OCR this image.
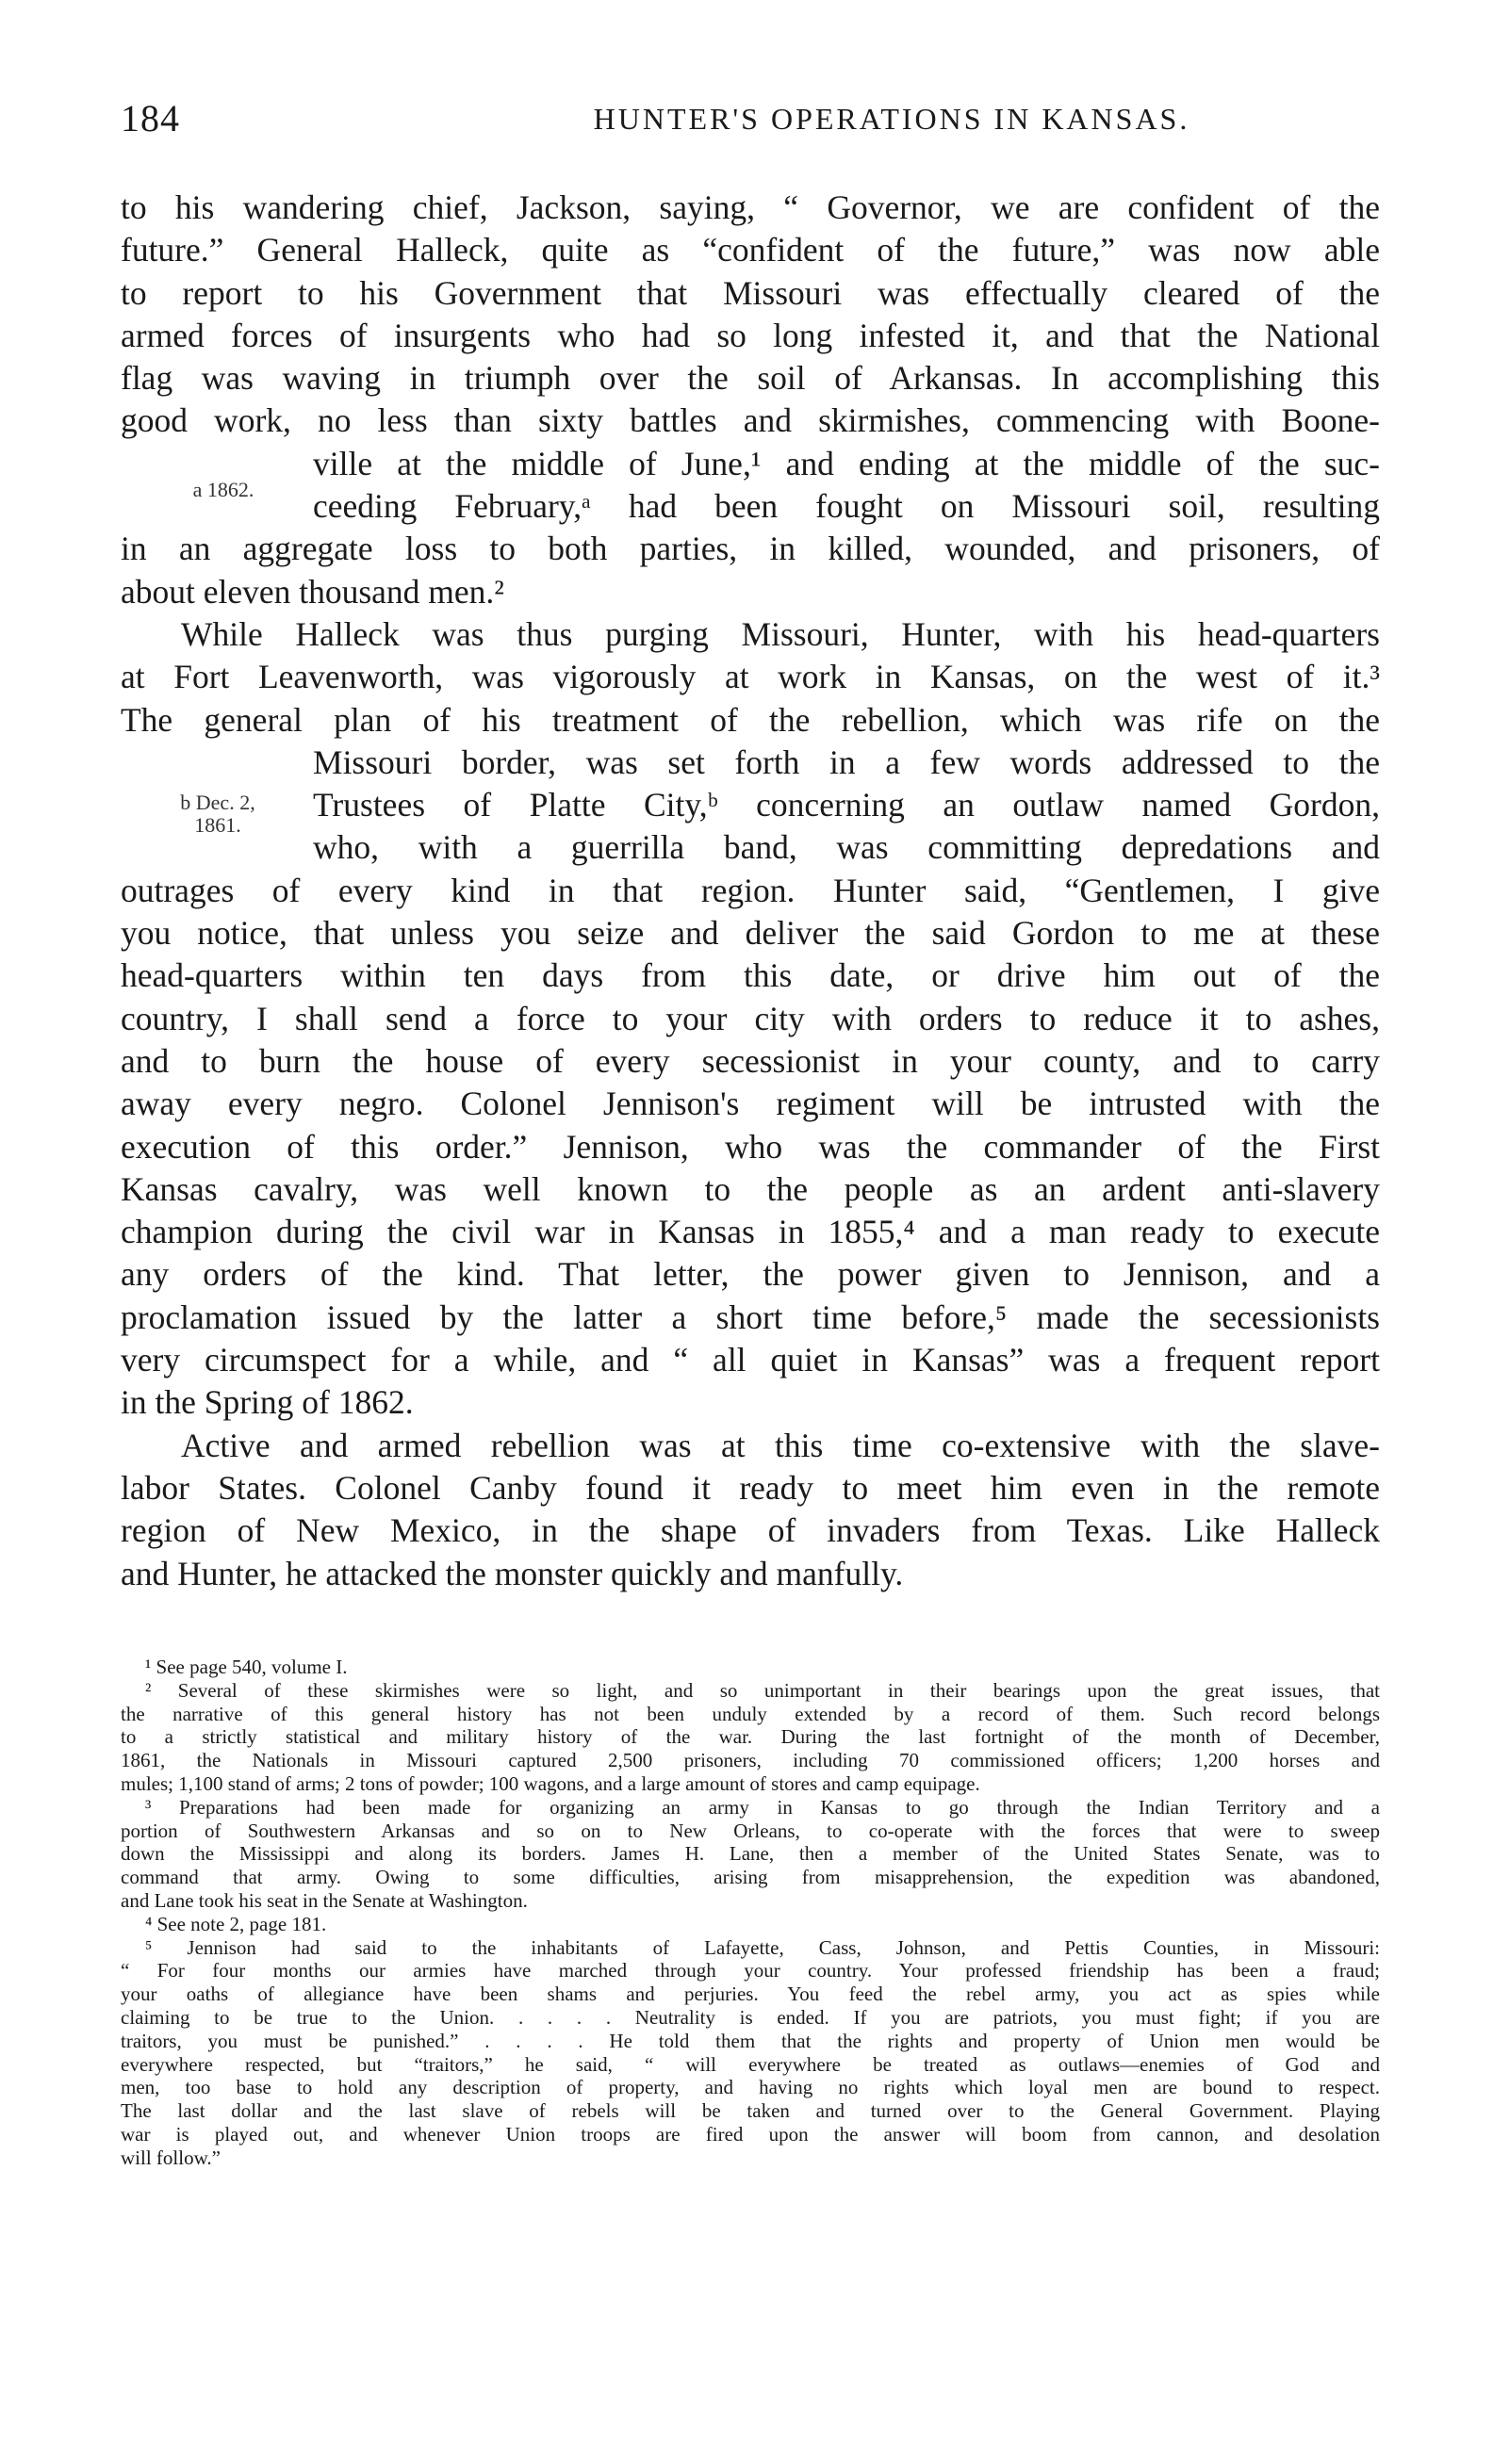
184	HUNTER'S OPERATIONS IN KANSAS.
a 1862.
b Dec. 2,
1861.
to his wandering chief, Jackson, saying, “ Governor, we are confident of the
future.” General Halleck, quite as “confident of the future,” was now able
to report to his Government that Missouri was effectually cleared of the
armed forces of insurgents who had so long infested it, and that the National
flag was waving in triumph over the soil of Arkansas. In accomplishing this
good work, no less than sixty battles and skirmishes, commencing with Boone-
ville at the middle of June,¹ and ending at the middle of the suc-
ceeding February,ᵃ had been fought on Missouri soil, resulting
in an aggregate loss to both parties, in killed, wounded, and prisoners, of
about eleven thousand men.²
While Halleck was thus purging Missouri, Hunter, with his head-quarters
at Fort Leavenworth, was vigorously at work in Kansas, on the west of it.³
The general plan of his treatment of the rebellion, which was rife on the
Missouri border, was set forth in a few words addressed to the
Trustees of Platte City,ᵇ concerning an outlaw named Gordon,
who, with a guerrilla band, was committing depredations and
outrages of every kind in that region. Hunter said, “Gentlemen, I give
you notice, that unless you seize and deliver the said Gordon to me at these
head-quarters within ten days from this date, or drive him out of the
country, I shall send a force to your city with orders to reduce it to ashes,
and to burn the house of every secessionist in your county, and to carry
away every negro. Colonel Jennison's regiment will be intrusted with the
execution of this order.” Jennison, who was the commander of the First
Kansas cavalry, was well known to the people as an ardent anti-slavery
champion during the civil war in Kansas in 1855,⁴ and a man ready to execute
any orders of the kind. That letter, the power given to Jennison, and a
proclamation issued by the latter a short time before,⁵ made the secessionists
very circumspect for a while, and “ all quiet in Kansas” was a frequent report
in the Spring of 1862.
Active and armed rebellion was at this time co-extensive with the slave-
labor States. Colonel Canby found it ready to meet him even in the remote
region of New Mexico, in the shape of invaders from Texas. Like Halleck
and Hunter, he attacked the monster quickly and manfully.
¹ See page 540, volume I.
² Several of these skirmishes were so light, and so unimportant in their bearings upon the great issues, that
the narrative of this general history has not been unduly extended by a record of them. Such record belongs
to a strictly statistical and military history of the war. During the last fortnight of the month of December,
1861, the Nationals in Missouri captured 2,500 prisoners, including 70 commissioned officers; 1,200 horses and
mules; 1,100 stand of arms; 2 tons of powder; 100 wagons, and a large amount of stores and camp equipage.
³ Preparations had been made for organizing an army in Kansas to go through the Indian Territory and a
portion of Southwestern Arkansas and so on to New Orleans, to co-operate with the forces that were to sweep
down the Mississippi and along its borders. James H. Lane, then a member of the United States Senate, was to
command that army. Owing to some difficulties, arising from misapprehension, the expedition was abandoned,
and Lane took his seat in the Senate at Washington.
⁴ See note 2, page 181.
⁵ Jennison had said to the inhabitants of Lafayette, Cass, Johnson, and Pettis Counties, in Missouri:
“ For four months our armies have marched through your country. Your professed friendship has been a fraud;
your oaths of allegiance have been shams and perjuries. You feed the rebel army, you act as spies while
claiming to be true to the Union. . . . . Neutrality is ended. If you are patriots, you must fight; if you are
traitors, you must be punished.” . . . . He told them that the rights and property of Union men would be
everywhere respected, but “traitors,” he said, “ will everywhere be treated as outlaws—enemies of God and
men, too base to hold any description of property, and having no rights which loyal men are bound to respect.
The last dollar and the last slave of rebels will be taken and turned over to the General Government. Playing
war is played out, and whenever Union troops are fired upon the answer will boom from cannon, and desolation
will follow.”
